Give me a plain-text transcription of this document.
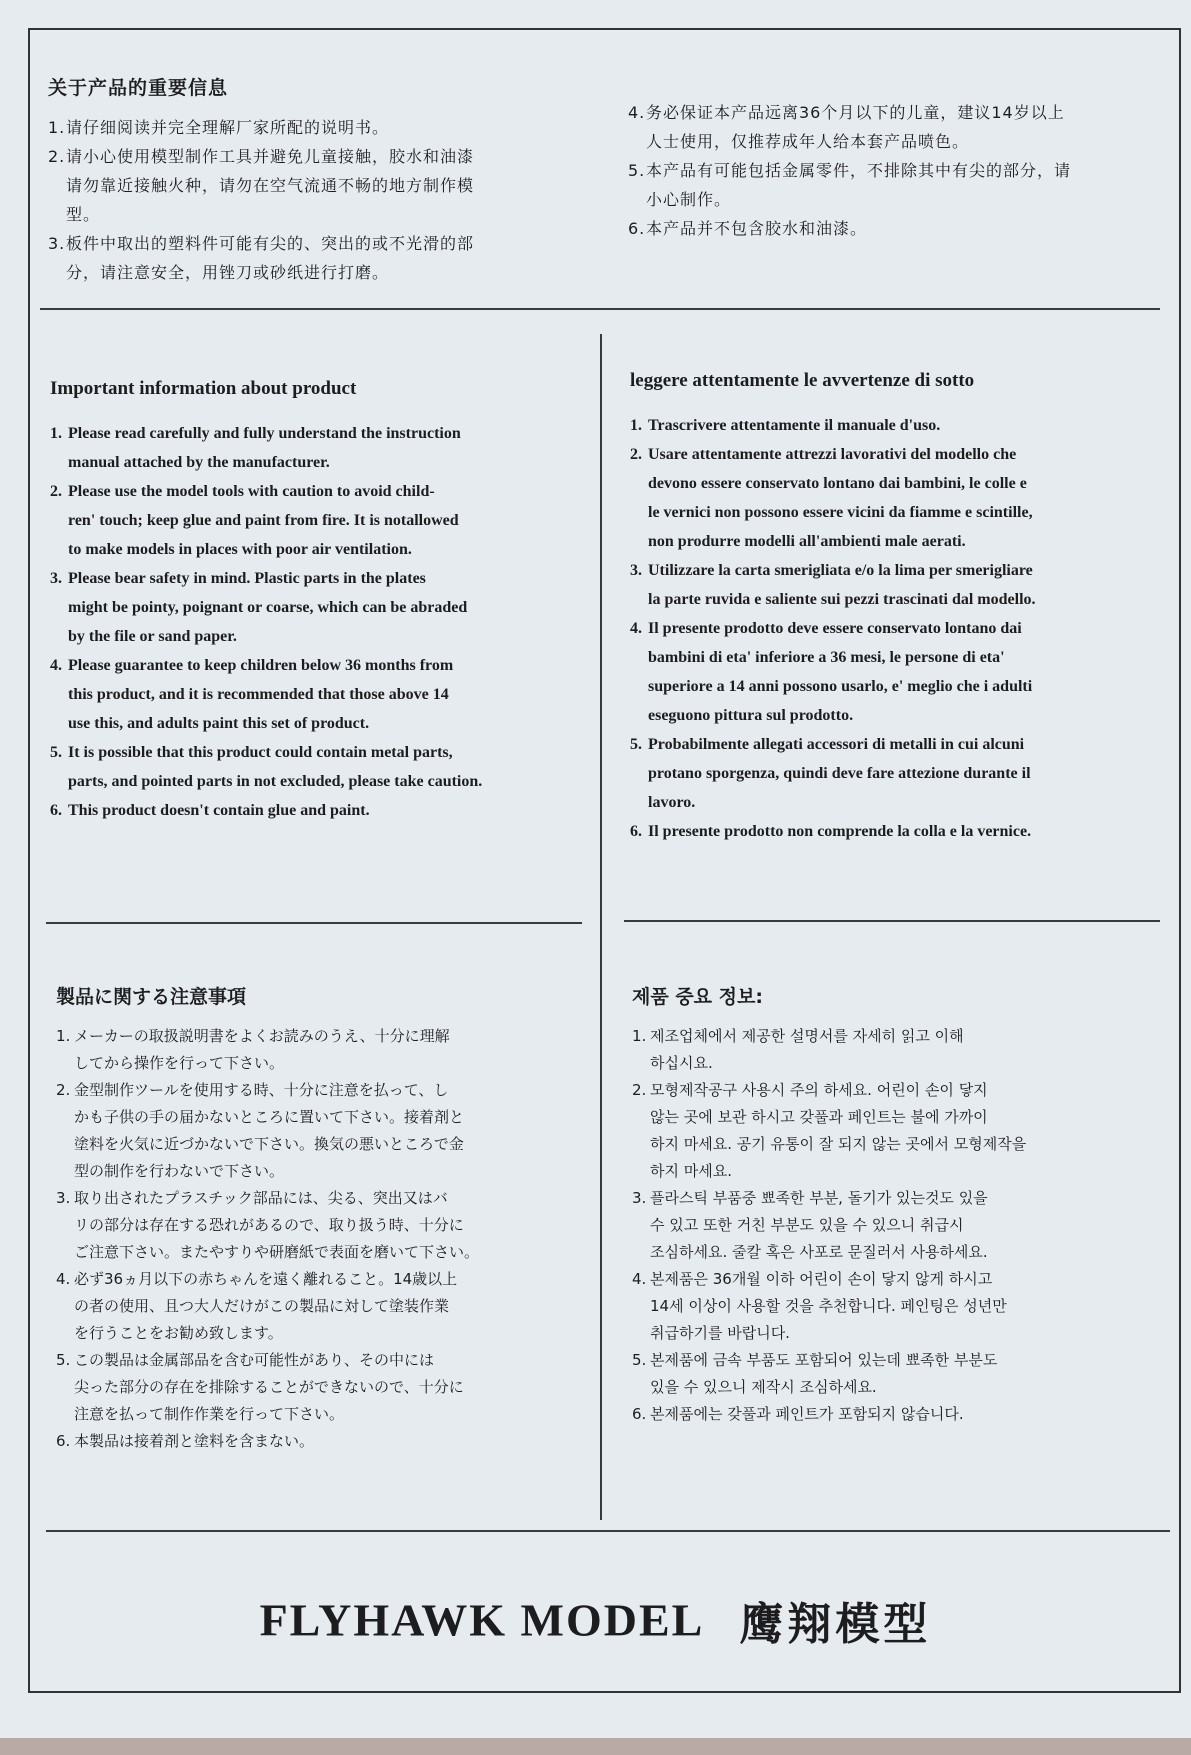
关于产品的重要信息
1. 请仔细阅读并完全理解厂家所配的说明书。
2. 请小心使用模型制作工具并避免儿童接触，胶水和油漆
请勿靠近接触火种，请勿在空气流通不畅的地方制作模
型。
3. 板件中取出的塑料件可能有尖的、突出的或不光滑的部
分，请注意安全，用锉刀或砂纸进行打磨。
4. 务必保证本产品远离36个月以下的儿童，建议14岁以上
人士使用，仅推荐成年人给本套产品喷色。
5. 本产品有可能包括金属零件，不排除其中有尖的部分，请
小心制作。
6. 本产品并不包含胶水和油漆。
Important information about product
1. Please read carefully and fully understand the instruction
manual attached by the manufacturer.
2. Please use the model tools with caution to avoid child-
ren' touch; keep glue and paint from fire. It is notallowed
to make models in places with poor air ventilation.
3. Please bear safety in mind. Plastic parts in the plates
might be pointy, poignant or coarse, which can be abraded
by the file or sand paper.
4. Please guarantee to keep children below 36 months from
this product, and it is recommended that those above 14
use this, and adults paint this set of product.
5. It is possible that this product could contain metal parts,
parts, and pointed parts in not excluded, please take caution.
6. This product doesn't contain glue and paint.
leggere attentamente le avvertenze di sotto
1. Trascrivere attentamente il manuale d'uso.
2. Usare attentamente attrezzi lavorativi del modello che
devono essere conservato lontano dai bambini, le colle e
le vernici non possono essere vicini da fiamme e scintille,
non produrre modelli all'ambienti male aerati.
3. Utilizzare la carta smerigliata e/o la lima per smerigliare
la parte ruvida e saliente sui pezzi trascinati dal modello.
4. Il presente prodotto deve essere conservato lontano dai
bambini di eta' inferiore a 36 mesi, le persone di eta'
superiore a 14 anni possono usarlo, e' meglio che i adulti
eseguono pittura sul prodotto.
5. Probabilmente allegati accessori di metalli in cui alcuni
protano sporgenza, quindi deve fare attezione durante il
lavoro.
6. Il presente prodotto non comprende la colla e la vernice.
製品に関する注意事項
1. メーカーの取扱説明書をよくお読みのうえ、十分に理解
してから操作を行って下さい。
2. 金型制作ツールを使用する時、十分に注意を払って、し
かも子供の手の届かないところに置いて下さい。接着剤と
塗料を火気に近づかないで下さい。換気の悪いところで金
型の制作を行わないで下さい。
3. 取り出されたプラスチック部品には、尖る、突出又はバ
リの部分は存在する恐れがあるので、取り扱う時、十分に
ご注意下さい。またやすりや研磨紙で表面を磨いて下さい。
4. 必ず36ヵ月以下の赤ちゃんを遠く離れること。14歳以上
の者の使用、且つ大人だけがこの製品に対して塗装作業
を行うことをお勧め致します。
5. この製品は金属部品を含む可能性があり、その中には
尖った部分の存在を排除することができないので、十分に
注意を払って制作作業を行って下さい。
6. 本製品は接着剤と塗料を含まない。
제품 중요 정보:
1. 제조업체에서 제공한 설명서를 자세히 읽고 이해
하십시요.
2. 모형제작공구 사용시 주의 하세요. 어린이 손이 닿지
않는 곳에 보관 하시고 갖풀과 페인트는 불에 가까이
하지 마세요. 공기 유통이 잘 되지 않는 곳에서 모형제작을
하지 마세요.
3. 플라스틱 부품중 뾰족한 부분, 돌기가 있는것도 있을
수 있고 또한 거친 부분도 있을 수 있으니 취급시
조심하세요. 줄칼 혹은 사포로 문질러서 사용하세요.
4. 본제품은 36개월 이하 어린이 손이 닿지 않게 하시고
14세 이상이 사용할 것을 추천합니다. 페인팅은 성년만
취급하기를 바랍니다.
5. 본제품에 금속 부품도 포함되어 있는데 뾰족한 부분도
있을 수 있으니 제작시 조심하세요.
6. 본제품에는 갖풀과 페인트가 포함되지 않습니다.
FLYHAWK MODEL 鹰翔模型
